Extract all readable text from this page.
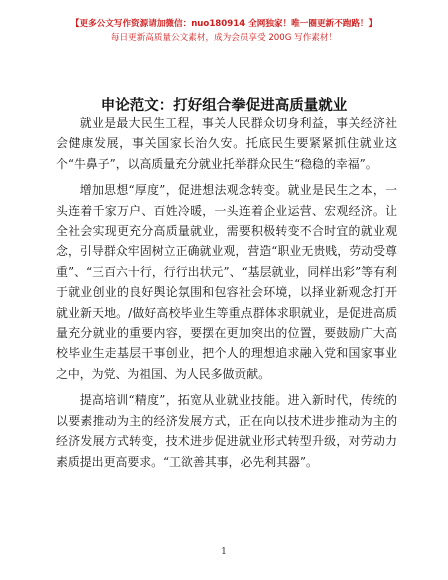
【更多公文写作资源请加微信：nuo180914 全网独家！唯一圈更新不跑路！】
每日更新高质量公文素材，成为会员享受 200G 写作素材！
申论范文：打好组合拳促进高质量就业

就业是最大民生工程，事关人民群众切身利益，事关经济社会健康发展，事关国家长治久安。托底民生要紧紧抓住就业这个“牛鼻子”，以高质量充分就业托举群众民生“稳稳的幸福”。

增加思想“厚度”，促进想法观念转变。就业是民生之本，一头连着千家万户、百姓冷暖，一头连着企业运营、宏观经济。让全社会实现更充分高质量就业，需要积极转变不合时宜的就业观念，引导群众牢固树立正确就业观，营造“职业无贵贱，劳动受尊重”、“三百六十行，行行出状元”、“基层就业，同样出彩”等有利于就业创业的良好舆论氛围和包容社会环境，以择业新观念打开就业新天地。/做好高校毕业生等重点群体求职就业，是促进高质量充分就业的重要内容，要摆在更加突出的位置，要鼓励广大高校毕业生走基层干事创业，把个人的理想追求融入党和国家事业之中，为党、为祖国、为人民多做贡献。

提高培训“精度”，拓宽从业就业技能。进入新时代，传统的以要素推动为主的经济发展方式，正在向以技术进步推动为主的经济发展方式转变，技术进步促进就业形式转型升级，对劳动力素质提出更高要求。“工欲善其事，必先利其器”。

1
